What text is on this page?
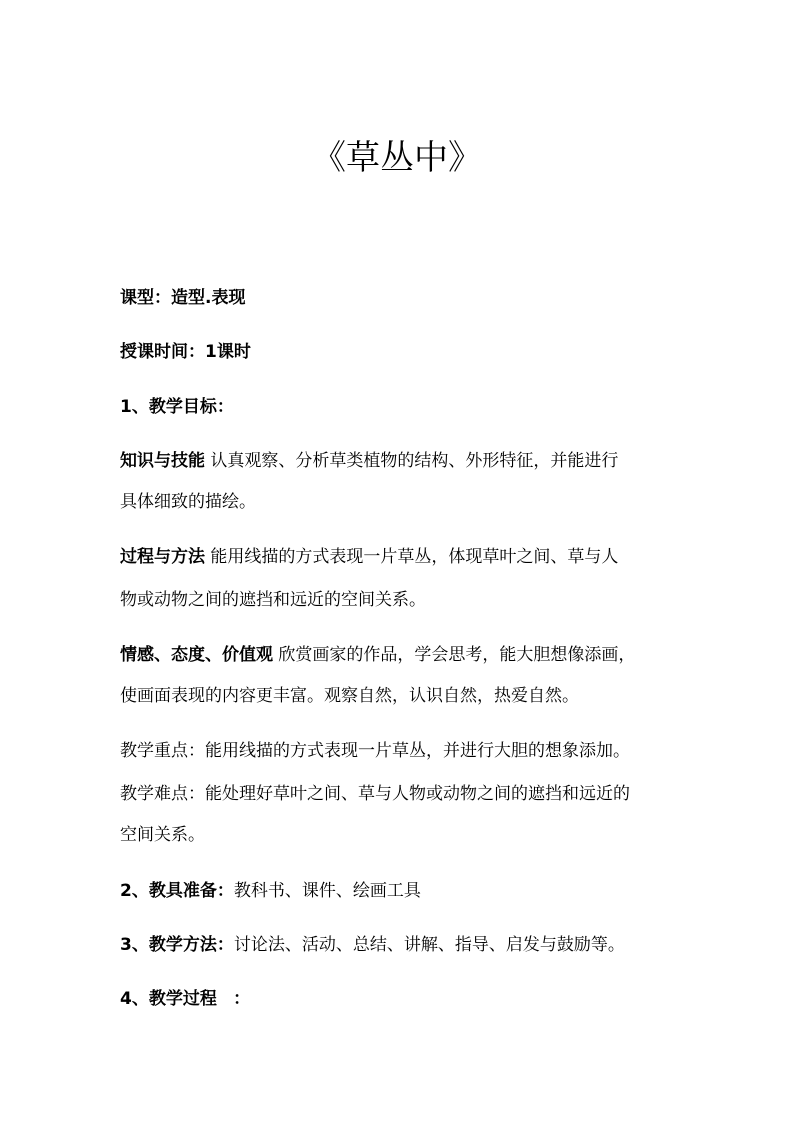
《草丛中》

课型：造型.表现

授课时间：1课时

1、教学目标：

知识与技能 认真观察、分析草类植物的结构、外形特征，并能进行

具体细致的描绘。

过程与方法 能用线描的方式表现一片草丛，体现草叶之间、草与人

物或动物之间的遮挡和远近的空间关系。

情感、态度、价值观 欣赏画家的作品，学会思考，能大胆想像添画，

使画面表现的内容更丰富。观察自然，认识自然，热爱自然。

教学重点：能用线描的方式表现一片草丛，并进行大胆的想象添加。

教学难点：能处理好草叶之间、草与人物或动物之间的遮挡和远近的

空间关系。

2、教具准备：教科书、课件、绘画工具

3、教学方法：讨论法、活动、总结、讲解、指导、启发与鼓励等。

4、教学过程 ：
